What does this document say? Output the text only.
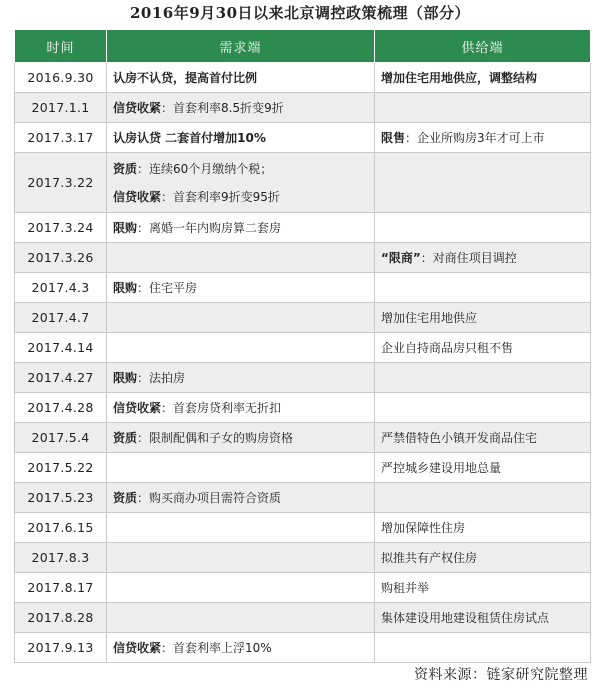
2016年9月30日以来北京调控政策梳理（部分）
时间	需求端	供给端
2016.9.30	认房不认贷，提高首付比例	增加住宅用地供应，调整结构
2017.1.1	信贷收紧：首套利率8.5折变9折	

2017.3.17	认房认贷 二套首付增加10%	限售：企业所购房3年才可上市
2017.3.22	资质：连续60个月缴纳个税；
信贷收紧：首套利率9折变95折	

2017.3.24	限购：离婚一年内购房算二套房	

2017.3.26		“限商”：对商住项目调控
2017.4.3	限购：住宅平房	

2017.4.7		增加住宅用地供应
2017.4.14		企业自持商品房只租不售
2017.4.27	限购：法拍房	

2017.4.28	信贷收紧：首套房贷利率无折扣	

2017.5.4	资质：限制配偶和子女的购房资格	严禁借特色小镇开发商品住宅
2017.5.22		严控城乡建设用地总量
2017.5.23	资质：购买商办项目需符合资质	

2017.6.15		增加保障性住房
2017.8.3		拟推共有产权住房
2017.8.17		购租并举
2017.8.28		集体建设用地建设租赁住房试点
2017.9.13	信贷收紧：首套利率上浮10%	

资料来源：链家研究院整理
